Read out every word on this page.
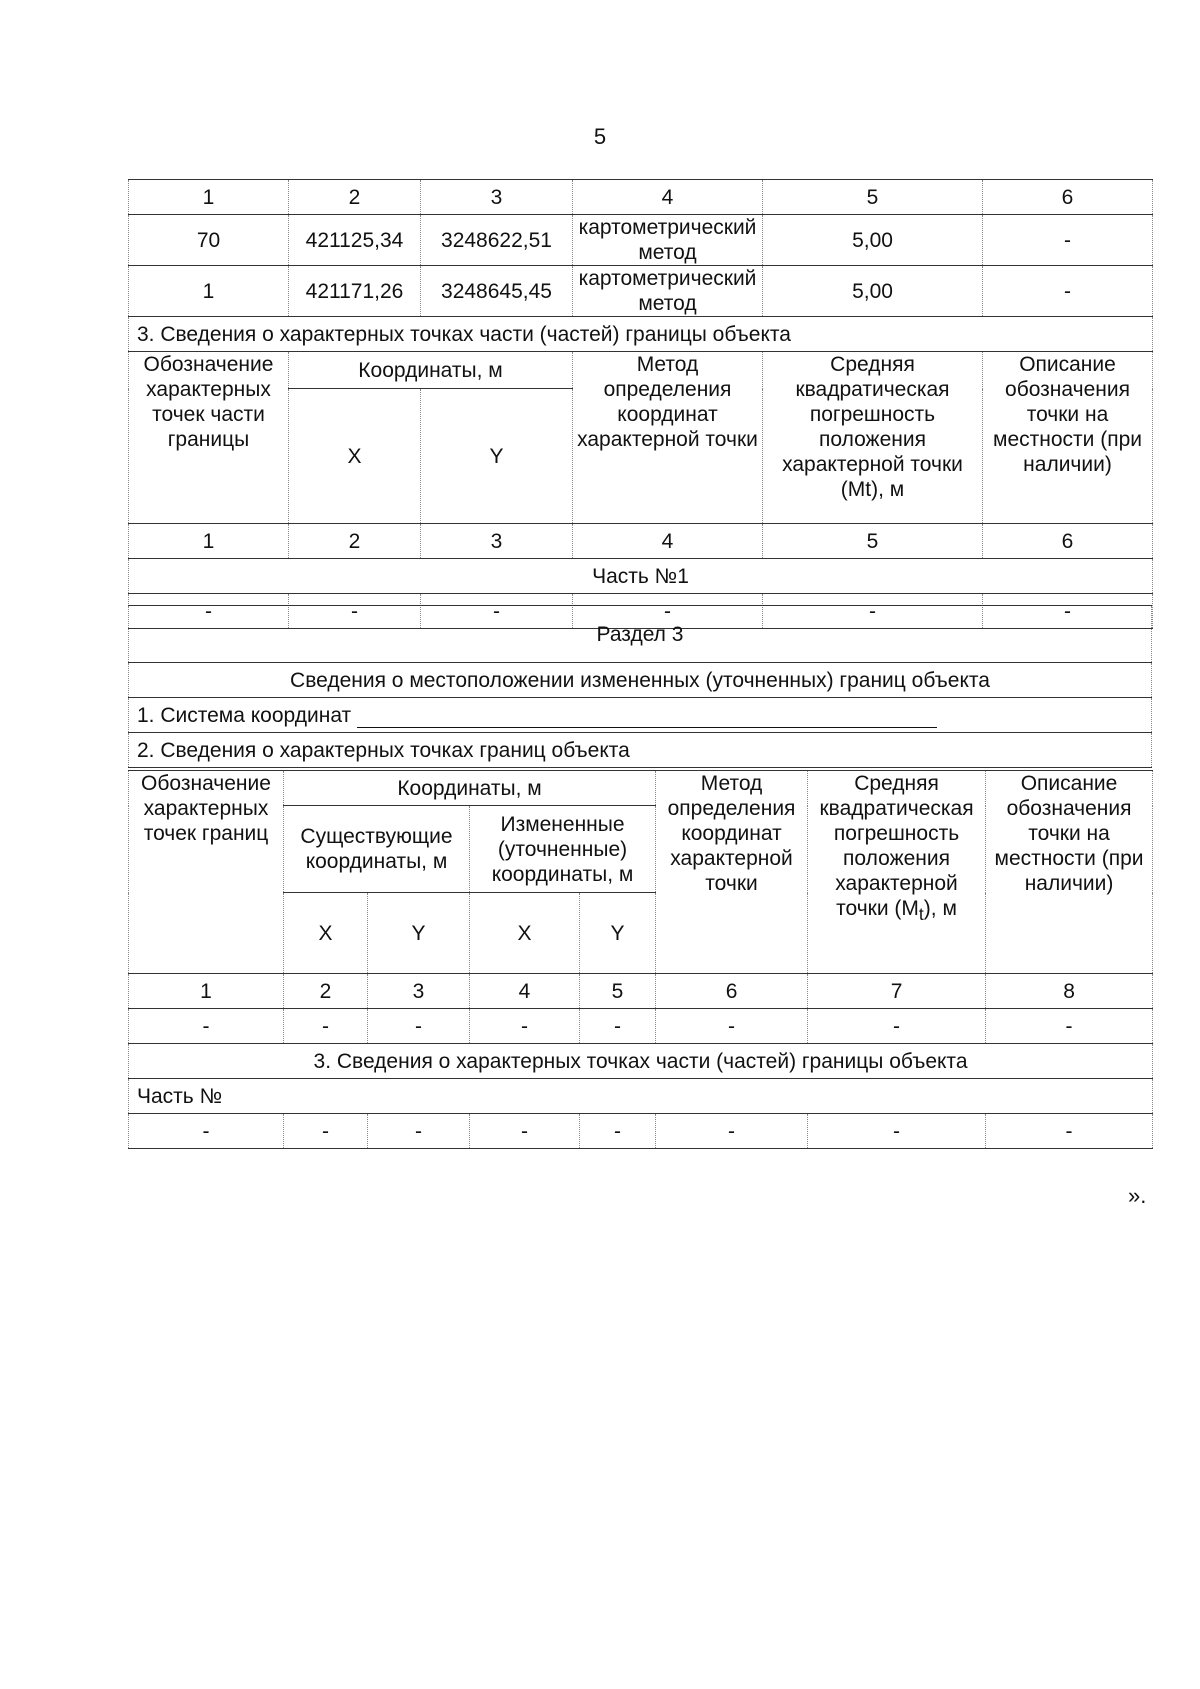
5
1	2	3	4	5	6
70	421125,34	3248622,51	картометрический метод	5,00	-
1	421171,26	3248645,45	картометрический метод	5,00	-
3. Сведения о характерных точках части (частей) границы объекта					
Обозначение характерных точек части границы	Координаты, м		Метод определения координат характерной точки	Средняя квадратическая погрешность положения характерной точки (Mt), м	Описание обозначения точки на местности (при наличии)
	X	Y			
1	2	3	4	5	6
Часть №1					
-	-	-	-	-	-
Раздел 3
Сведения о местоположении измененных (уточненных) границ объекта
1. Система координат
2. Сведения о характерных точках границ объекта
Обозначение характерных точек границ	Координаты, м				Метод определения координат характерной точки	Средняя квадратическая погрешность положения характерной точки $(M_t)$, м	Описание обозначения точки на местности (при наличии)
	Существующие координаты, м		Измененные (уточненные) координаты, м				
	X	Y	X	Y			
1	2	3	4	5	6	7	8
-	-	-	-	-	-	-	-
3. Сведения о характерных точках части (частей) границы объекта							
Часть №							
-	-	-	-	-	-	-	-
».
